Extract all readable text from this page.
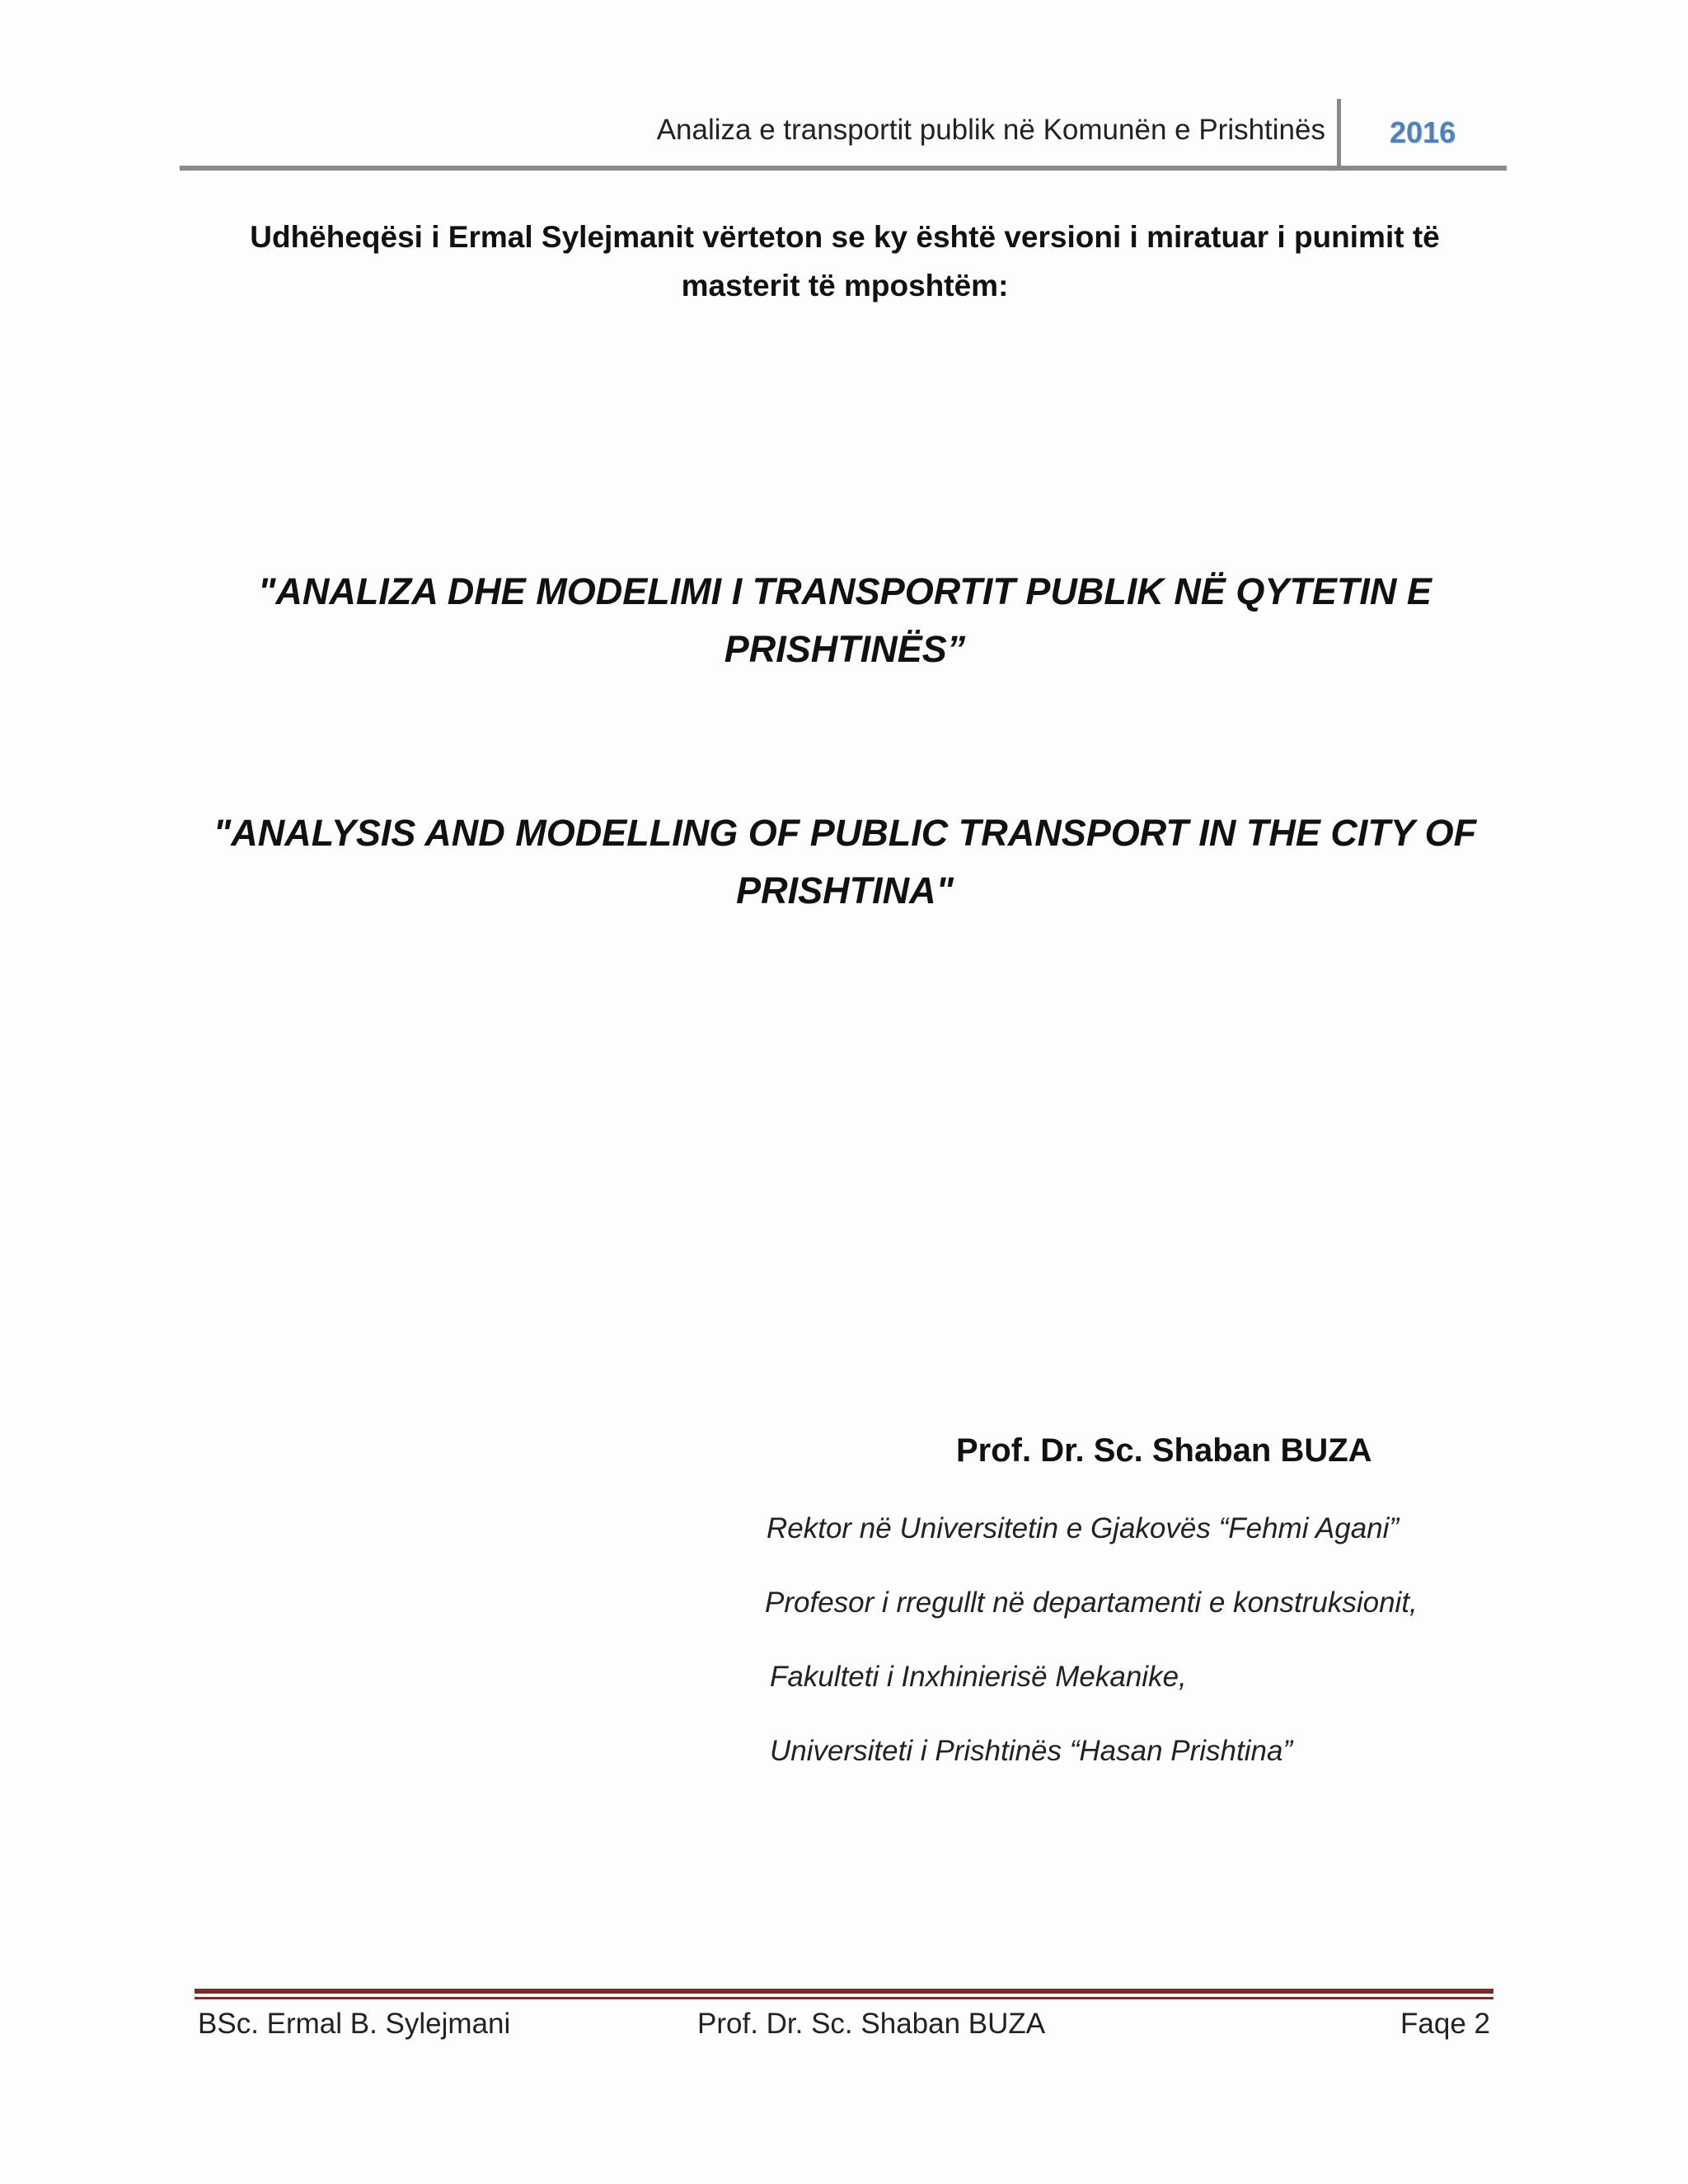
Analiza e transportit publik në Komunën e Prishtinës 2016
Udhëheqësi i Ermal Sylejmanit vërteton se ky është versioni i miratuar i punimit të masterit të mposhtëm:
"ANALIZA DHE MODELIMI I TRANSPORTIT PUBLIK NË QYTETIN E PRISHTINËS”
"ANALYSIS AND MODELLING OF PUBLIC TRANSPORT IN THE CITY OF PRISHTINA"
Prof. Dr. Sc. Shaban BUZA
Rektor në Universitetin e Gjakovës “Fehmi Agani”
Profesor i rregullt në departamenti e konstruksionit,
Fakulteti i Inxhinierisë Mekanike,
Universiteti i Prishtinës “Hasan Prishtina”
BSc. Ermal B. Sylejmani	Prof. Dr. Sc. Shaban BUZA	Faqe 2
